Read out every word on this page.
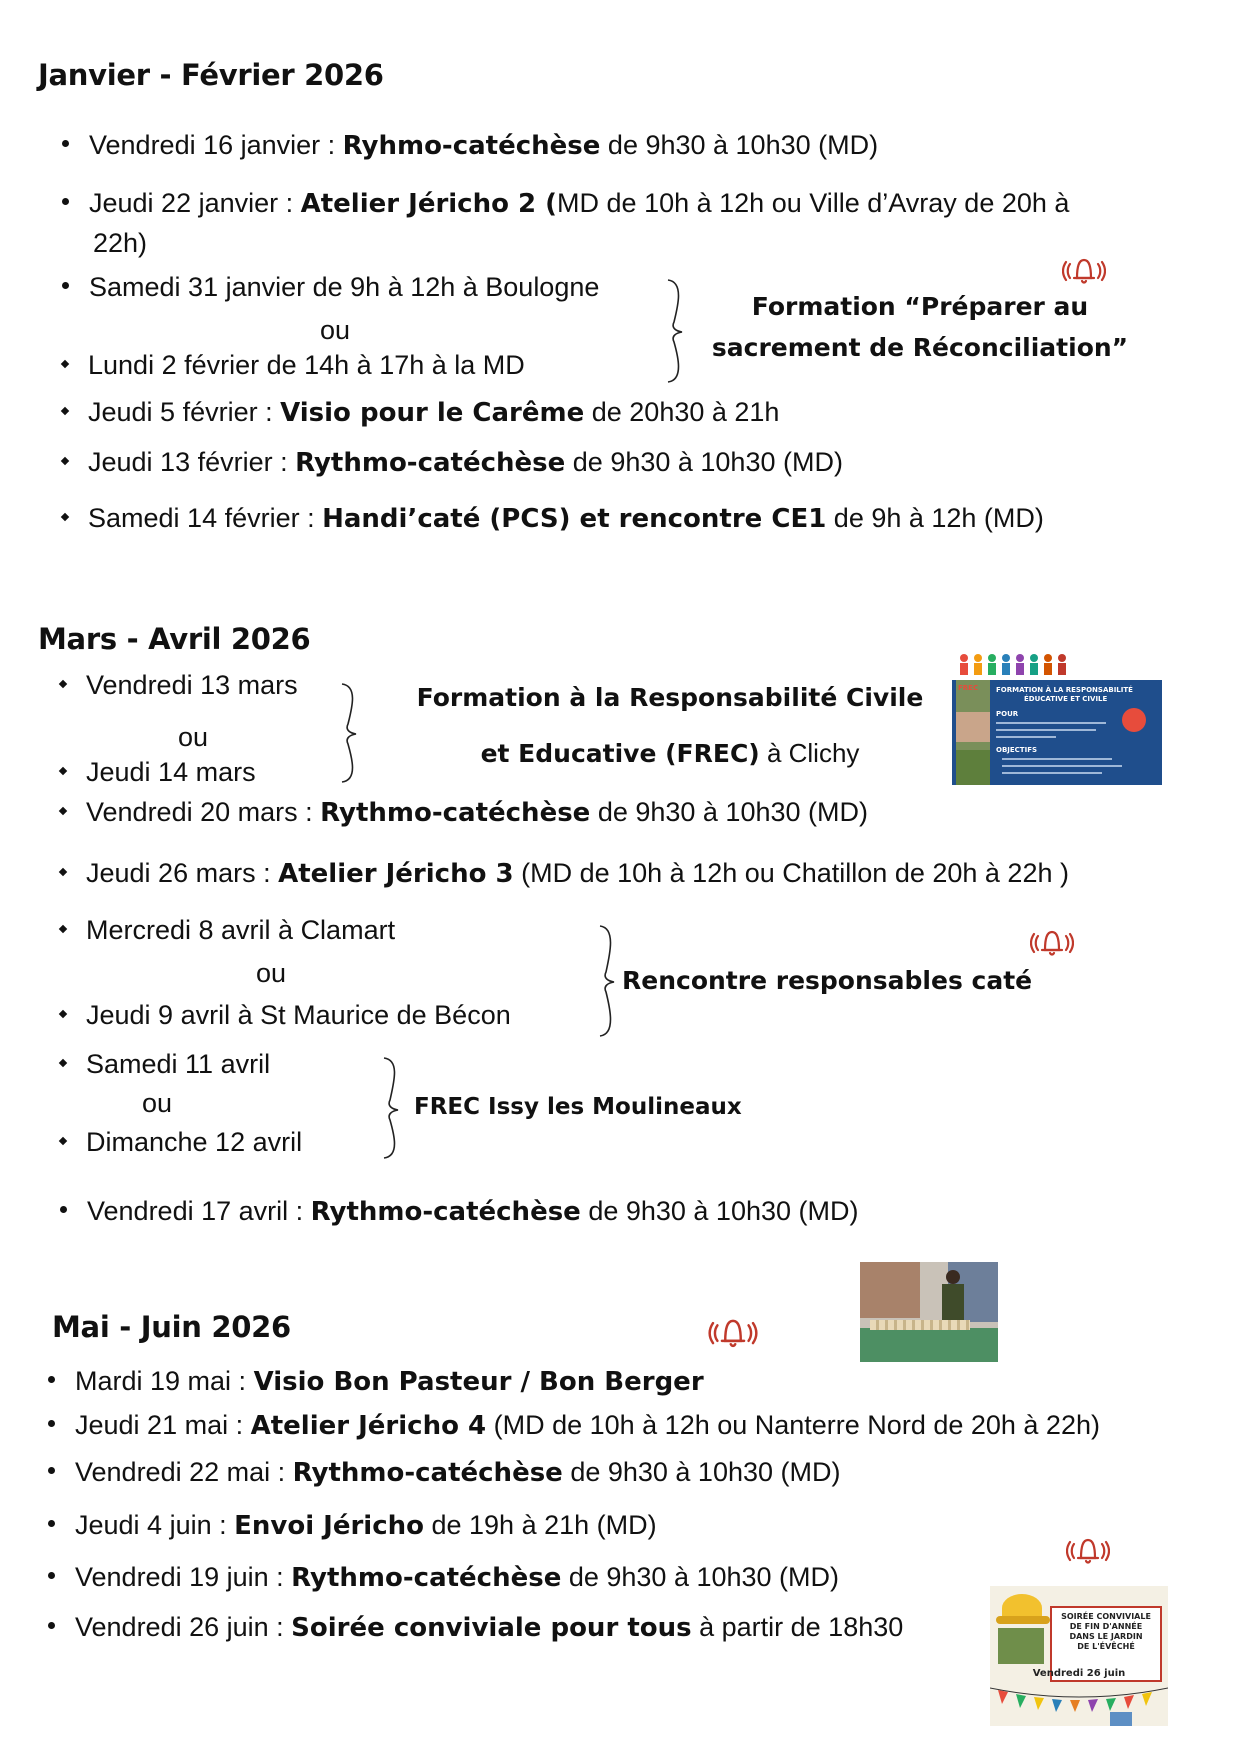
Janvier - Février 2026
Vendredi 16 janvier : Ryhmo-catéchèse de 9h30 à 10h30 (MD)
Jeudi 22 janvier : Atelier Jéricho 2 (MD de 10h à 12h ou Ville d’Avray de 20h à
22h)
Samedi 31 janvier de 9h à 12h à Boulogne
ou
Lundi 2 février de 14h à 17h à la MD
Formation “Préparer au
sacrement de Réconciliation”
Jeudi 5 février : Visio pour le Carême de 20h30 à 21h
Jeudi 13 février : Rythmo-catéchèse de 9h30 à 10h30 (MD)
Samedi 14 février : Handi’caté (PCS) et rencontre CE1 de 9h à 12h (MD)
Mars - Avril 2026
Vendredi 13 mars
ou
Jeudi 14 mars
Formation à la Responsabilité Civile
et Educative (FREC) à Clichy
FREC	FORMATION À LA RESPONSABILITÉ
ÉDUCATIVE ET CIVILE
POUR
OBJECTIFS
Vendredi 20 mars : Rythmo-catéchèse de 9h30 à 10h30 (MD)
Jeudi 26 mars : Atelier Jéricho 3 (MD de 10h à 12h ou Chatillon de 20h à 22h )
Mercredi 8 avril à Clamart
ou
Jeudi 9 avril à St Maurice de Bécon
Rencontre responsables caté
Samedi 11 avril
ou
Dimanche 12 avril
FREC Issy les Moulineaux
Vendredi 17 avril : Rythmo-catéchèse de 9h30 à 10h30 (MD)
Mai - Juin 2026
Mardi 19 mai : Visio Bon Pasteur / Bon Berger
Jeudi 21 mai : Atelier Jéricho 4 (MD de 10h à 12h ou Nanterre Nord de 20h à 22h)
Vendredi 22 mai : Rythmo-catéchèse de 9h30 à 10h30 (MD)
Jeudi 4 juin : Envoi Jéricho de 19h à 21h (MD)
Vendredi 19 juin : Rythmo-catéchèse de 9h30 à 10h30 (MD)
Vendredi 26 juin : Soirée conviviale pour tous à partir de 18h30	SOIRÉE CONVIVIALE
DE FIN D'ANNÉE
DANS LE JARDIN
DE L'ÉVÊCHÉ
Vendredi 26 juin
